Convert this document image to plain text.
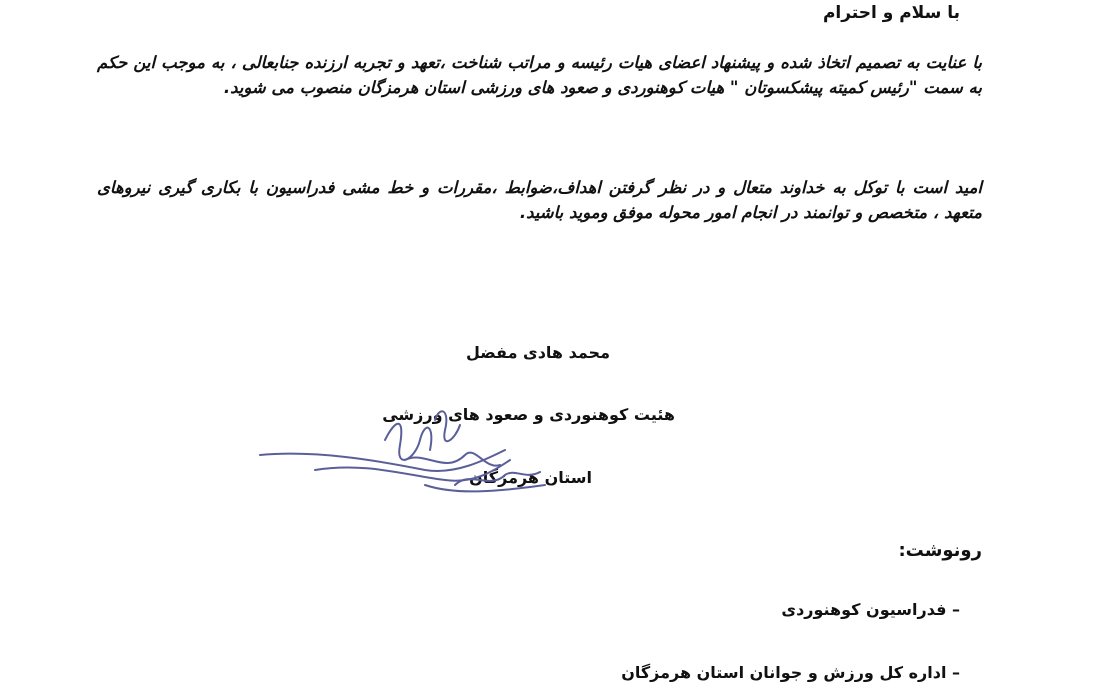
با سلام و احترام
با عنایت به تصمیم اتخاذ شده و پیشنهاد اعضای هیات رئیسه و مراتب شناخت ،تعهد و تجربه ارزنده جنابعالی ، به موجب این حکم به سمت "رئیس کمیته پیشکسوتان " هیات کوهنوردی و صعود های ورزشی استان هرمزگان منصوب می شوید.
امید است با توکل به خداوند متعال و در نظر گرفتن اهداف،ضوابط ،مقررات و خط مشی فدراسیون با بکاری گیری نیروهای متعهد ، متخصص و توانمند در انجام امور محوله موفق وموید باشید.
محمد هادی مفضل
هئیت کوهنوردی و صعود های ورزشی
استان هرمزگان
رونوشت:
– فدراسیون کوهنوردی
– اداره کل ورزش و جوانان استان هرمزگان
